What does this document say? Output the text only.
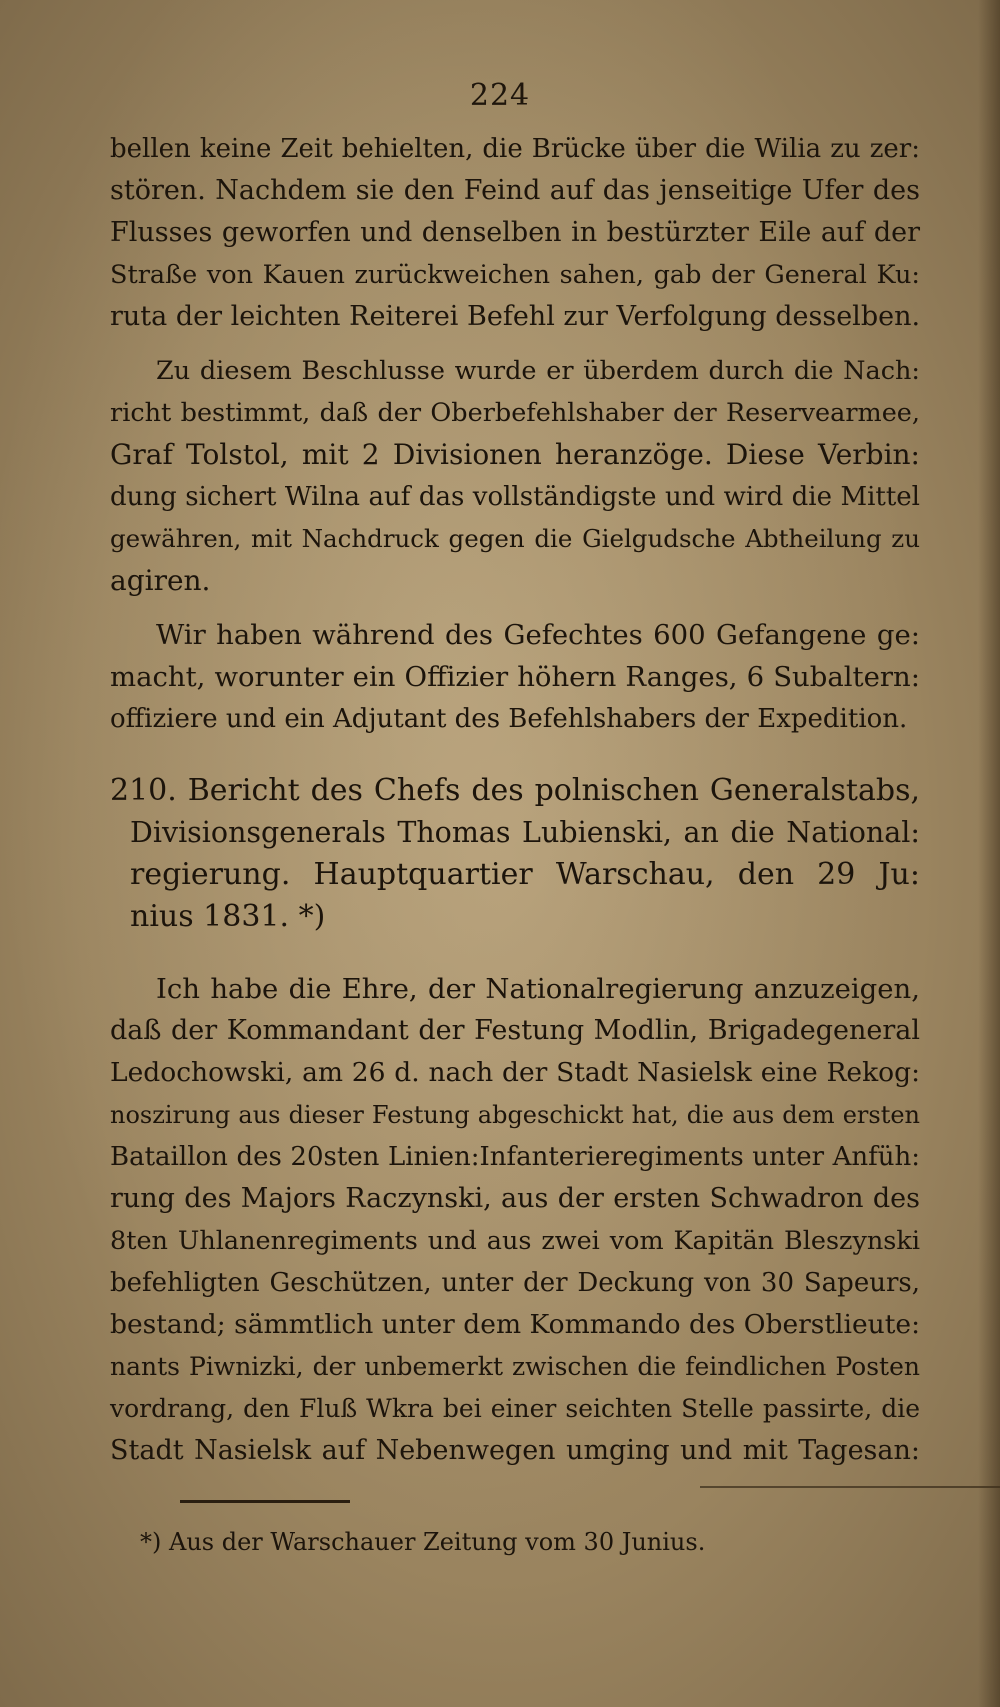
224
bellen keine Zeit behielten, die Brücke über die Wilia zu zer:
stören. Nachdem sie den Feind auf das jenseitige Ufer des
Flusses geworfen und denselben in bestürzter Eile auf der
Straße von Kauen zurückweichen sahen, gab der General Ku:
ruta der leichten Reiterei Befehl zur Verfolgung desselben.
Zu diesem Beschlusse wurde er überdem durch die Nach:
richt bestimmt, daß der Oberbefehlshaber der Reservearmee,
Graf Tolstol, mit 2 Divisionen heranzöge. Diese Verbin:
dung sichert Wilna auf das vollständigste und wird die Mittel
gewähren, mit Nachdruck gegen die Gielgudsche Abtheilung zu
agiren.
Wir haben während des Gefechtes 600 Gefangene ge:
macht, worunter ein Offizier höhern Ranges, 6 Subaltern:
offiziere und ein Adjutant des Befehlshabers der Expedition.
210. Bericht des Chefs des polnischen Generalstabs,
Divisionsgenerals Thomas Lubienski, an die National:
regierung. Hauptquartier Warschau, den 29 Ju:
nius 1831. *)
Ich habe die Ehre, der Nationalregierung anzuzeigen,
daß der Kommandant der Festung Modlin, Brigadegeneral
Ledochowski, am 26 d. nach der Stadt Nasielsk eine Rekog:
noszirung aus dieser Festung abgeschickt hat, die aus dem ersten
Bataillon des 20sten Linien:Infanterieregiments unter Anfüh:
rung des Majors Raczynski, aus der ersten Schwadron des
8ten Uhlanenregiments und aus zwei vom Kapitän Bleszynski
befehligten Geschützen, unter der Deckung von 30 Sapeurs,
bestand; sämmtlich unter dem Kommando des Oberstlieute:
nants Piwnizki, der unbemerkt zwischen die feindlichen Posten
vordrang, den Fluß Wkra bei einer seichten Stelle passirte, die
Stadt Nasielsk auf Nebenwegen umging und mit Tagesan:
*) Aus der Warschauer Zeitung vom 30 Junius.
